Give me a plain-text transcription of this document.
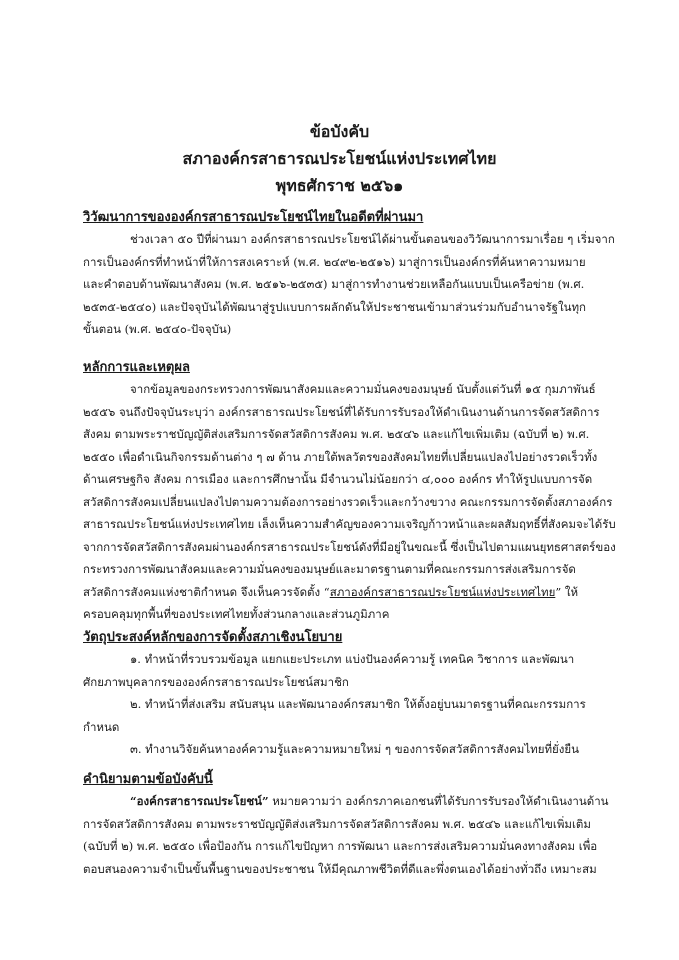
ข้อบังคับ
สภาองค์กรสาธารณประโยชน์แห่งประเทศไทย
พุทธศักราช ๒๕๖๑
วิวัฒนาการขององค์กรสาธารณประโยชน์ไทยในอดีตที่ผ่านมา
ช่วงเวลา ๕๐ ปีที่ผ่านมา องค์กรสาธารณประโยชน์ได้ผ่านขั้นตอนของวิวัฒนาการมาเรื่อย ๆ เริ่มจาก
การเป็นองค์กรที่ทำหน้าที่ให้การสงเคราะห์ (พ.ศ. ๒๔๙๒-๒๕๑๖) มาสู่การเป็นองค์กรที่ค้นหาความหมาย
และคำตอบด้านพัฒนาสังคม (พ.ศ. ๒๕๑๖-๒๕๓๕) มาสู่การทำงานช่วยเหลือกันแบบเป็นเครือข่าย (พ.ศ.
๒๕๓๕-๒๕๔๐) และปัจจุบันได้พัฒนาสู่รูปแบบการผลักดันให้ประชาชนเข้ามาส่วนร่วมกับอำนาจรัฐในทุก
ขั้นตอน (พ.ศ. ๒๕๔๐-ปัจจุบัน)
หลักการและเหตุผล
จากข้อมูลของกระทรวงการพัฒนาสังคมและความมั่นคงของมนุษย์ นับตั้งแต่วันที่ ๑๕ กุมภาพันธ์
๒๕๕๖ จนถึงปัจจุบันระบุว่า องค์กรสาธารณประโยชน์ที่ได้รับการรับรองให้ดำเนินงานด้านการจัดสวัสดิการ
สังคม ตามพระราชบัญญัติส่งเสริมการจัดสวัสดิการสังคม พ.ศ. ๒๕๔๖ และแก้ไขเพิ่มเติม (ฉบับที่ ๒) พ.ศ.
๒๕๕๐ เพื่อดำเนินกิจกรรมด้านต่าง ๆ ๗ ด้าน ภายใต้พลวัตรของสังคมไทยที่เปลี่ยนแปลงไปอย่างรวดเร็วทั้ง
ด้านเศรษฐกิจ สังคม การเมือง และการศึกษานั้น มีจำนวนไม่น้อยกว่า ๔,๐๐๐ องค์กร ทำให้รูปแบบการจัด
สวัสดิการสังคมเปลี่ยนแปลงไปตามความต้องการอย่างรวดเร็วและกว้างขวาง คณะกรรมการจัดตั้งสภาองค์กร
สาธารณประโยชน์แห่งประเทศไทย เล็งเห็นความสำคัญของความเจริญก้าวหน้าและผลสัมฤทธิ์ที่สังคมจะได้รับ
จากการจัดสวัสดิการสังคมผ่านองค์กรสาธารณประโยชน์ดังที่มีอยู่ในขณะนี้ ซึ่งเป็นไปตามแผนยุทธศาสตร์ของ
กระทรวงการพัฒนาสังคมและความมั่นคงของมนุษย์และมาตรฐานตามที่คณะกรรมการส่งเสริมการจัด
สวัสดิการสังคมแห่งชาติกำหนด จึงเห็นควรจัดตั้ง “สภาองค์กรสาธารณประโยชน์แห่งประเทศไทย” ให้
ครอบคลุมทุกพื้นที่ของประเทศไทยทั้งส่วนกลางและส่วนภูมิภาค
วัตถุประสงค์หลักของการจัดตั้งสภาเชิงนโยบาย
๑. ทำหน้าที่รวบรวมข้อมูล แยกแยะประเภท แบ่งปันองค์ความรู้ เทคนิค วิชาการ และพัฒนา
ศักยภาพบุคลากรขององค์กรสาธารณประโยชน์สมาชิก
๒. ทำหน้าที่ส่งเสริม สนับสนุน และพัฒนาองค์กรสมาชิก ให้ตั้งอยู่บนมาตรฐานที่คณะกรรมการ
กำหนด
๓. ทำงานวิจัยค้นหาองค์ความรู้และความหมายใหม่ ๆ ของการจัดสวัสดิการสังคมไทยที่ยั่งยืน
คำนิยามตามข้อบังคับนี้
“องค์กรสาธารณประโยชน์” หมายความว่า องค์กรภาคเอกชนที่ได้รับการรับรองให้ดำเนินงานด้าน
การจัดสวัสดิการสังคม ตามพระราชบัญญัติส่งเสริมการจัดสวัสดิการสังคม พ.ศ. ๒๕๔๖ และแก้ไขเพิ่มเติม
(ฉบับที่ ๒) พ.ศ. ๒๕๕๐ เพื่อป้องกัน การแก้ไขปัญหา การพัฒนา และการส่งเสริมความมั่นคงทางสังคม เพื่อ
ตอบสนองความจำเป็นขั้นพื้นฐานของประชาชน ให้มีคุณภาพชีวิตที่ดีและพึ่งตนเองได้อย่างทั่วถึง เหมาะสม
